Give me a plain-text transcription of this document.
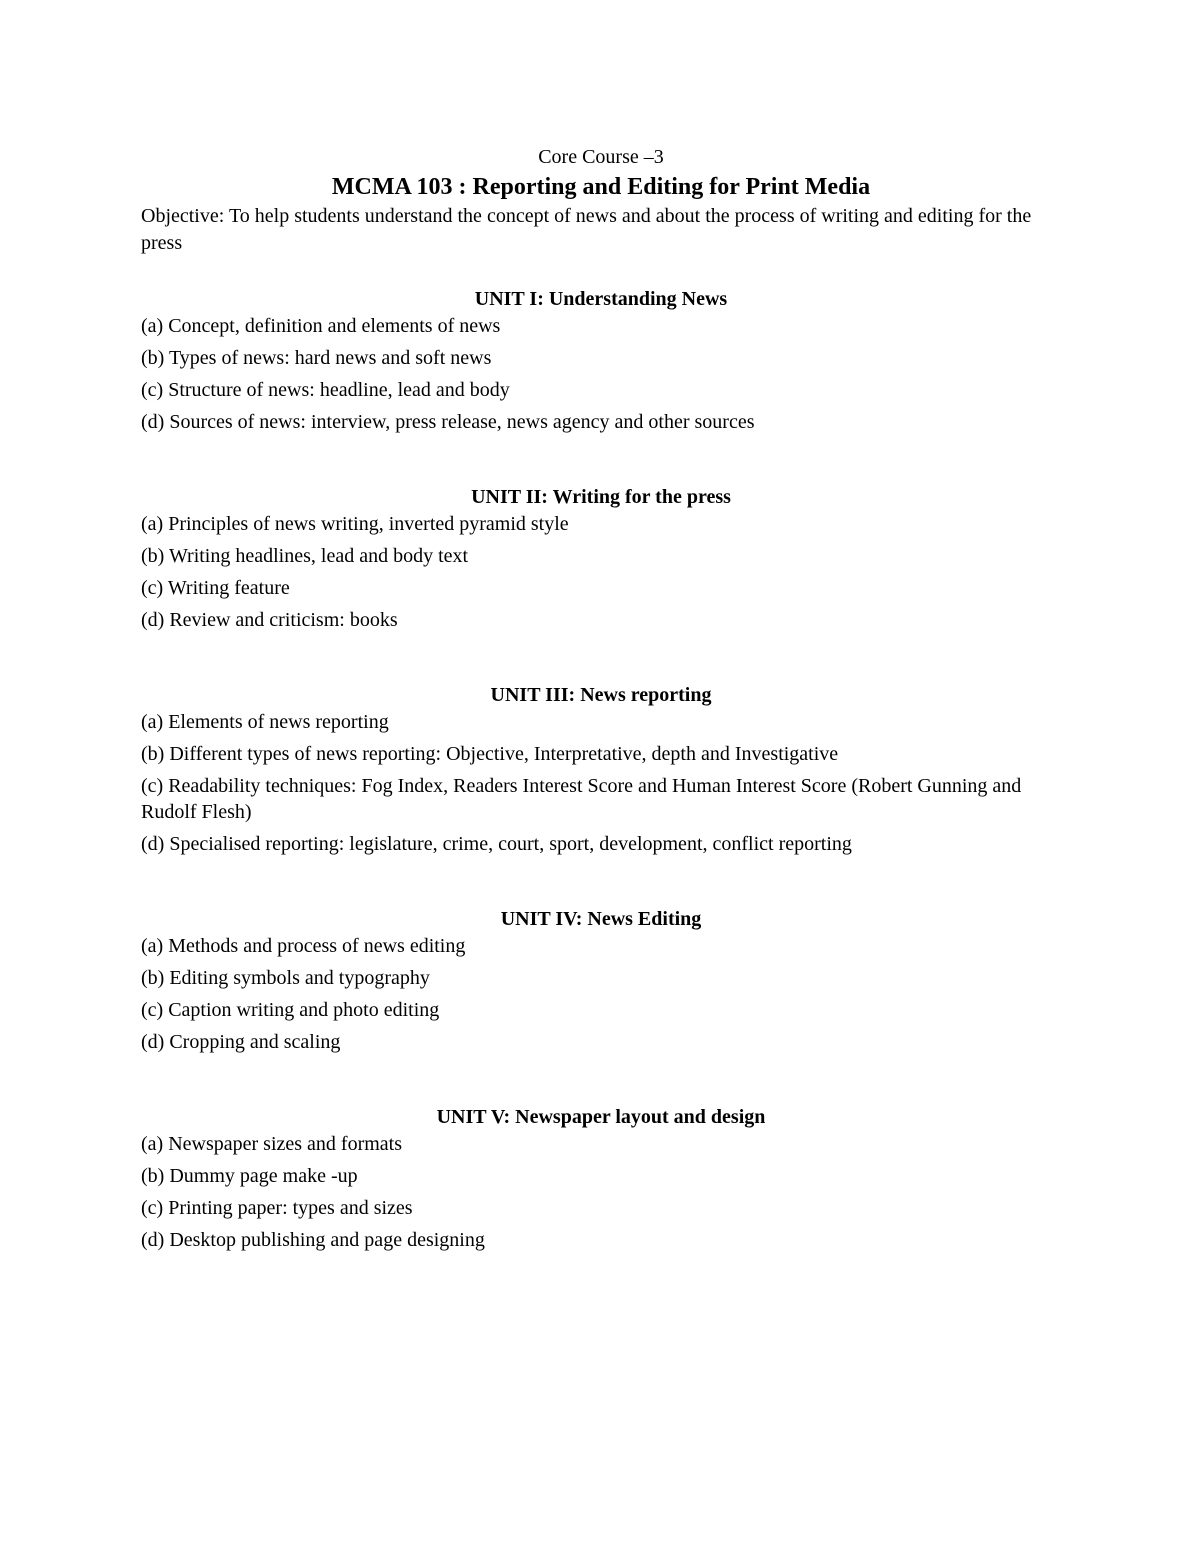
Core Course –3

MCMA 103 : Reporting and Editing for Print Media

Objective: To help students understand the concept of news and about the process of writing and editing for the press

UNIT I: Understanding News
(a) Concept, definition and elements of news
(b) Types of news: hard news and soft news
(c) Structure of news: headline, lead and body
(d) Sources of news: interview, press release, news agency and other sources
UNIT II: Writing for the press
(a) Principles of news writing, inverted pyramid style
(b) Writing headlines, lead and body text
(c) Writing feature
(d) Review and criticism: books
UNIT III: News reporting
(a) Elements of news reporting
(b) Different types of news reporting: Objective, Interpretative, depth and Investigative
(c) Readability techniques: Fog Index, Readers Interest Score and Human Interest Score (Robert Gunning and Rudolf Flesh)
(d) Specialised reporting: legislature, crime, court, sport, development, conflict reporting
UNIT IV: News Editing
(a) Methods and process of news editing
(b) Editing symbols and typography
(c) Caption writing and photo editing
(d) Cropping and scaling
UNIT V: Newspaper layout and design
(a) Newspaper sizes and formats
(b) Dummy page make -up
(c) Printing paper: types and sizes
(d) Desktop publishing and page designing
